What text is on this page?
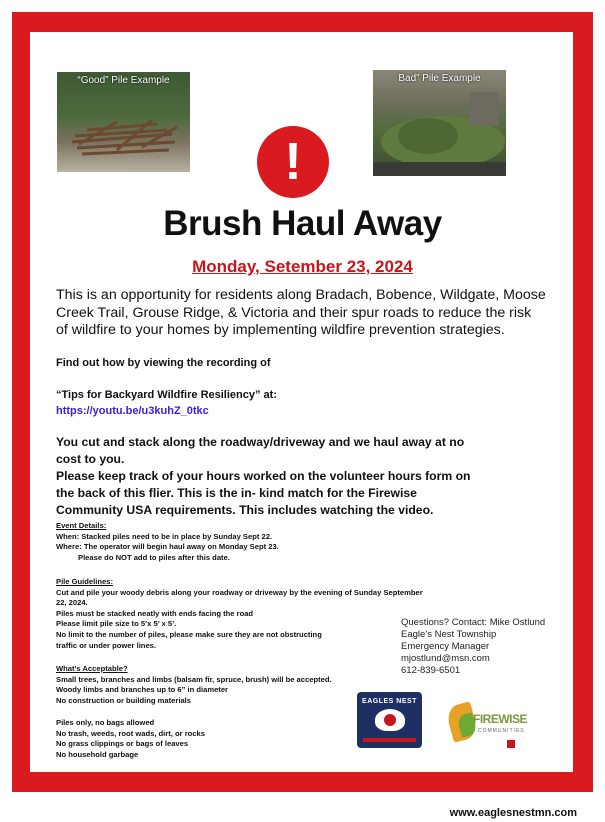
“Good” Pile Example	Bad” Pile Example
!
Brush Haul Away
Monday, Setember 23, 2024
This is an opportunity for residents along Bradach, Bobence, Wildgate, Moose Creek Trail, Grouse Ridge, & Victoria and their spur roads to reduce the risk of wildfire to your homes by implementing wildfire prevention strategies.
Find out how by viewing the recording of
“Tips for Backyard Wildfire Resiliency” at:
https://youtu.be/u3kuhZ_0tkc
You cut and stack along the roadway/driveway and we haul away at no cost to you.
Please keep track of your hours worked on the volunteer hours form on the back of this flier. This is the in- kind match for the Firewise Community USA requirements. This includes watching the video.
Event Details:
When: Stacked piles need to be in place by Sunday Sept 22.
Where: The operator will begin haul away on Monday Sept 23.
Please do NOT add to piles after this date.
Pile Guidelines:
Cut and pile your woody debris along your roadway or driveway by the evening of Sunday September
22, 2024.
Piles must be stacked neatly with ends facing the road
Please limit pile size to 5’x 5’ x 5’.
No limit to the number of piles, please make sure they are not obstructing
traffic or under power lines.
What’s Acceptable?
Small trees, branches and limbs (balsam fir, spruce, brush) will be accepted.
Woody limbs and branches up to 6” in diameter
No construction or building materials
Piles only, no bags allowed
No trash, weeds, root wads, dirt, or rocks
No grass clippings or bags of leaves
No household garbage
Questions? Contact: Mike Ostlund
Eagle’s Nest Township
Emergency Manager
mjostlund@msn.com
612-839-6501
EAGLES NEST
FIREWISE
COMMUNITIES
www.eaglesnestmn.com
